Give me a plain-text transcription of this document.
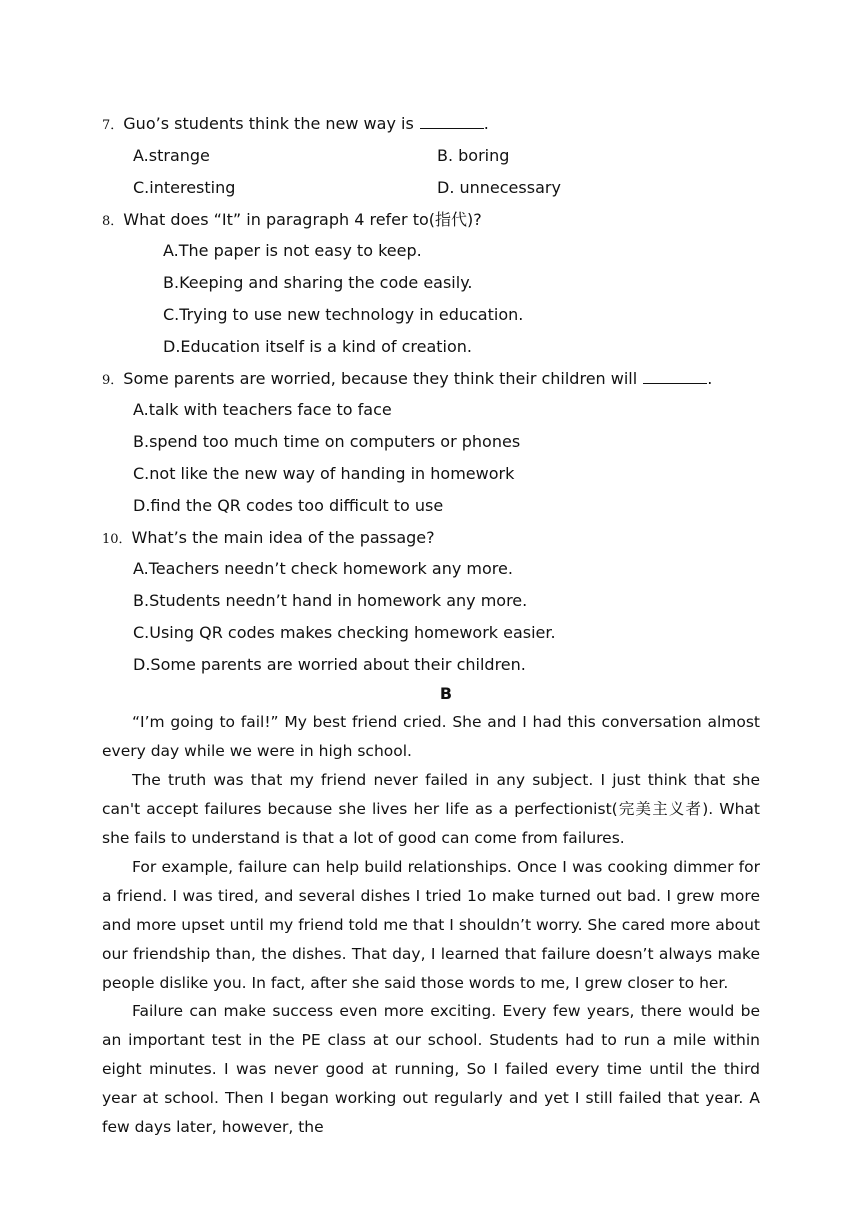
7．Guo’s students think the new way is	.
A.strange	B. boring
C.interesting	D. unnecessary
8．What does “It” in paragraph 4 refer to(指代)?
A.The paper is not easy to keep.
B.Keeping and sharing the code easily.
C.Trying to use new technology in education.
D.Education itself is a kind of creation.
9．Some parents are worried, because they think their children will	.
A.talk with teachers face to face
B.spend too much time on computers or phones
C.not like the new way of handing in homework
D.find the QR codes too difficult to use
10．What’s the main idea of the passage?
A.Teachers needn’t check homework any more.
B.Students needn’t hand in homework any more.
C.Using QR codes makes checking homework easier.
D.Some parents are worried about their children.
B
“I’m going to fail!” My best friend cried. She and I had this conversation almost every day while we were in high school.
The truth was that my friend never failed in any subject. I just think that she can't accept failures because she lives her life as a perfectionist(完美主义者). What she fails to understand is that a lot of good can come from failures.
For example, failure can help build relationships. Once I was cooking dimmer for a friend. I was tired, and several dishes I tried 1o make turned out bad. I grew more and more upset until my friend told me that I shouldn’t worry. She cared more about our friendship than, the dishes. That day, I learned that failure doesn’t always make people dislike you. In fact, after she said those words to me, I grew closer to her.
Failure can make success even more exciting. Every few years, there would be an important test in the PE class at our school. Students had to run a mile within eight minutes. I was never good at running, So I failed every time until the third year at school. Then I began working out regularly and yet I still failed that year. A few days later, however, the
